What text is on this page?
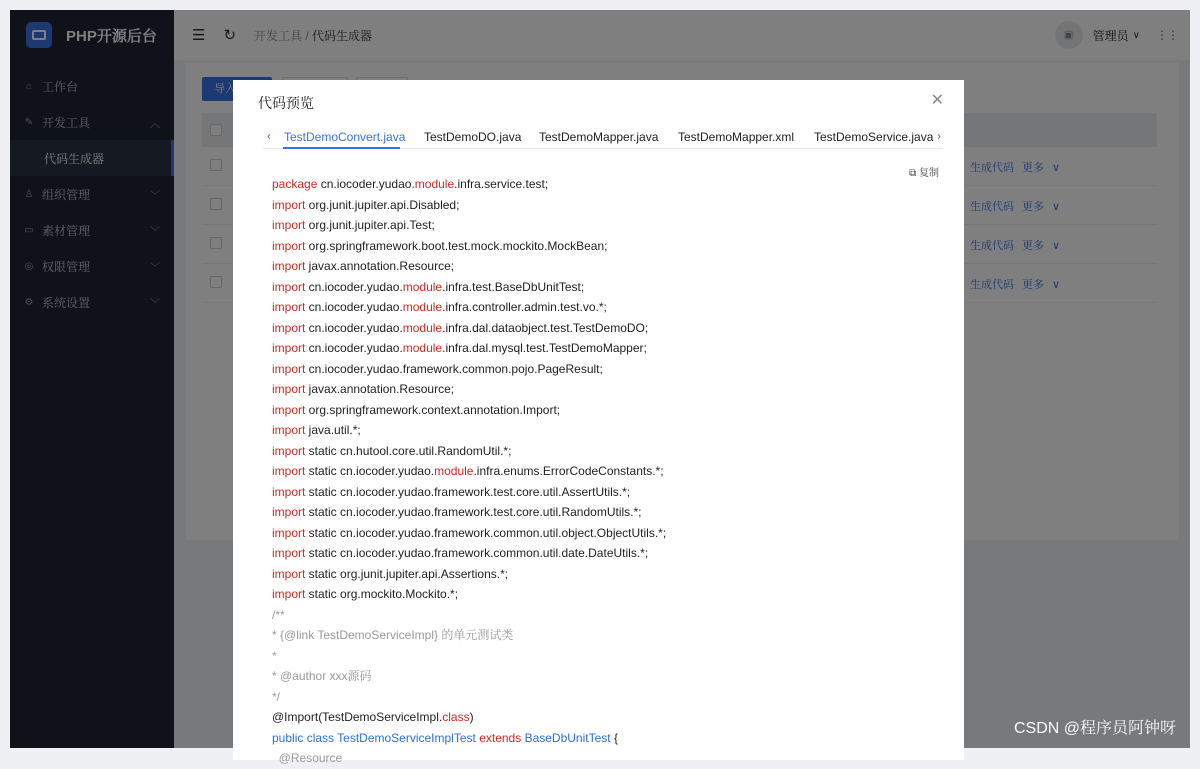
代码预览	✕
‹ TestDemoConvert.java TestDemoDO.java TestDemoMapper.java TestDemoMapper.xml TestDemoService.java ›
⧉ 复制
package cn.iocoder.yudao.module.infra.service.test;
import org.junit.jupiter.api.Disabled;
import org.junit.jupiter.api.Test;
import org.springframework.boot.test.mock.mockito.MockBean;
import javax.annotation.Resource;
import cn.iocoder.yudao.module.infra.test.BaseDbUnitTest;
import cn.iocoder.yudao.module.infra.controller.admin.test.vo.*;
import cn.iocoder.yudao.module.infra.dal.dataobject.test.TestDemoDO;
import cn.iocoder.yudao.module.infra.dal.mysql.test.TestDemoMapper;
import cn.iocoder.yudao.framework.common.pojo.PageResult;
import javax.annotation.Resource;
import org.springframework.context.annotation.Import;
import java.util.*;
import static cn.hutool.core.util.RandomUtil.*;
import static cn.iocoder.yudao.module.infra.enums.ErrorCodeConstants.*;
import static cn.iocoder.yudao.framework.test.core.util.AssertUtils.*;
import static cn.iocoder.yudao.framework.test.core.util.RandomUtils.*;
import static cn.iocoder.yudao.framework.common.util.object.ObjectUtils.*;
import static cn.iocoder.yudao.framework.common.util.date.DateUtils.*;
import static org.junit.jupiter.api.Assertions.*;
import static org.mockito.Mockito.*;
/**
* {@link TestDemoServiceImpl} 的单元测试类
*
* @author xxx源码
*/
@Import(TestDemoServiceImpl.class)
public class TestDemoServiceImplTest extends BaseDbUnitTest {
@Resource
CSDN @程序员阿钟呀
